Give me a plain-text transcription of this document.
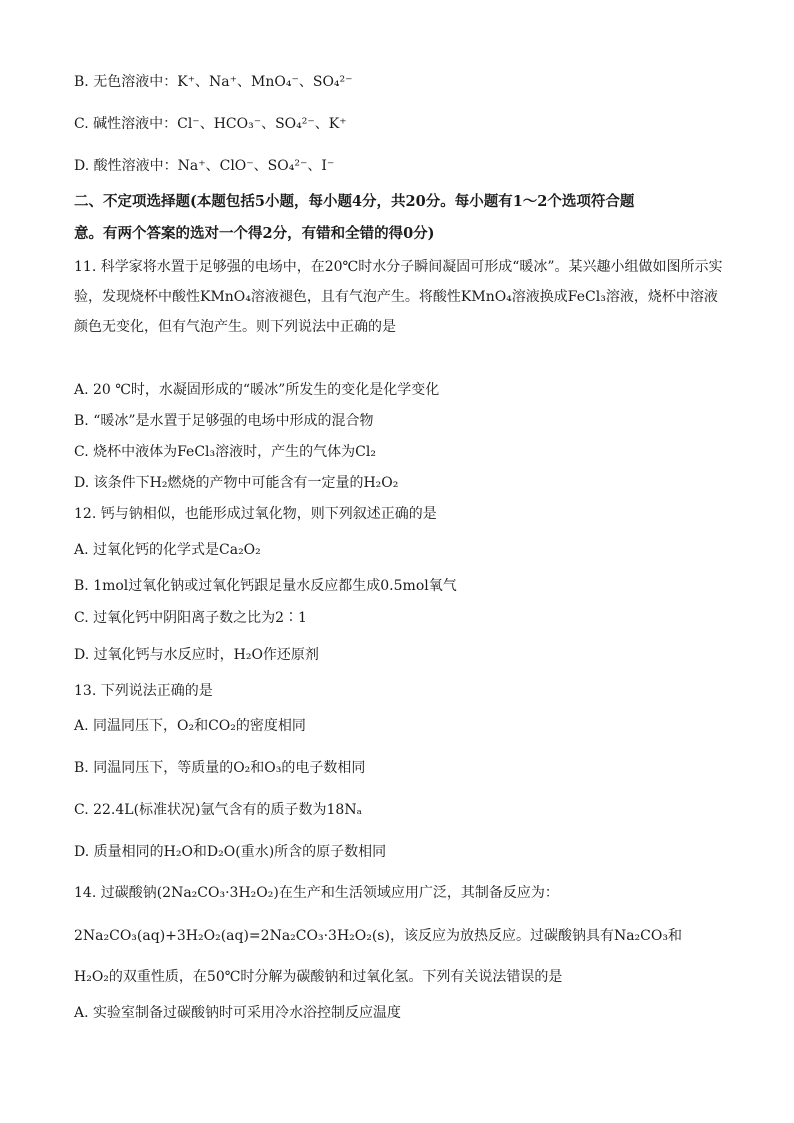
B. 无色溶液中：K⁺、Na⁺、MnO₄⁻、SO₄²⁻
C. 碱性溶液中：Cl⁻、HCO₃⁻、SO₄²⁻、K⁺
D. 酸性溶液中：Na⁺、ClO⁻、SO₄²⁻、I⁻
二、不定项选择题(本题包括5小题，每小题4分，共20分。每小题有1～2个选项符合题
意。有两个答案的选对一个得2分，有错和全错的得0分)
11. 科学家将水置于足够强的电场中，在20℃时水分子瞬间凝固可形成“暖冰”。某兴趣小组做如图所示实
验，发现烧杯中酸性KMnO₄溶液褪色，且有气泡产生。将酸性KMnO₄溶液换成FeCl₃溶液，烧杯中溶液
颜色无变化，但有气泡产生。则下列说法中正确的是
A. 20 ℃时，水凝固形成的“暖冰”所发生的变化是化学变化
B. “暖冰”是水置于足够强的电场中形成的混合物
C. 烧杯中液体为FeCl₃溶液时，产生的气体为Cl₂
D. 该条件下H₂燃烧的产物中可能含有一定量的H₂O₂
12. 钙与钠相似，也能形成过氧化物，则下列叙述正确的是
A. 过氧化钙的化学式是Ca₂O₂
B. 1mol过氧化钠或过氧化钙跟足量水反应都生成0.5mol氧气
C. 过氧化钙中阴阳离子数之比为2∶1
D. 过氧化钙与水反应时，H₂O作还原剂
13. 下列说法正确的是
A. 同温同压下，O₂和CO₂的密度相同
B. 同温同压下，等质量的O₂和O₃的电子数相同
C. 22.4L(标准状况)氩气含有的质子数为18Nₐ
D. 质量相同的H₂O和D₂O(重水)所含的原子数相同
14. 过碳酸钠(2Na₂CO₃·3H₂O₂)在生产和生活领域应用广泛，其制备反应为：
2Na₂CO₃(aq)+3H₂O₂(aq)=2Na₂CO₃·3H₂O₂(s)，该反应为放热反应。过碳酸钠具有Na₂CO₃和
H₂O₂的双重性质，在50℃时分解为碳酸钠和过氧化氢。下列有关说法错误的是
A. 实验室制备过碳酸钠时可采用冷水浴控制反应温度
